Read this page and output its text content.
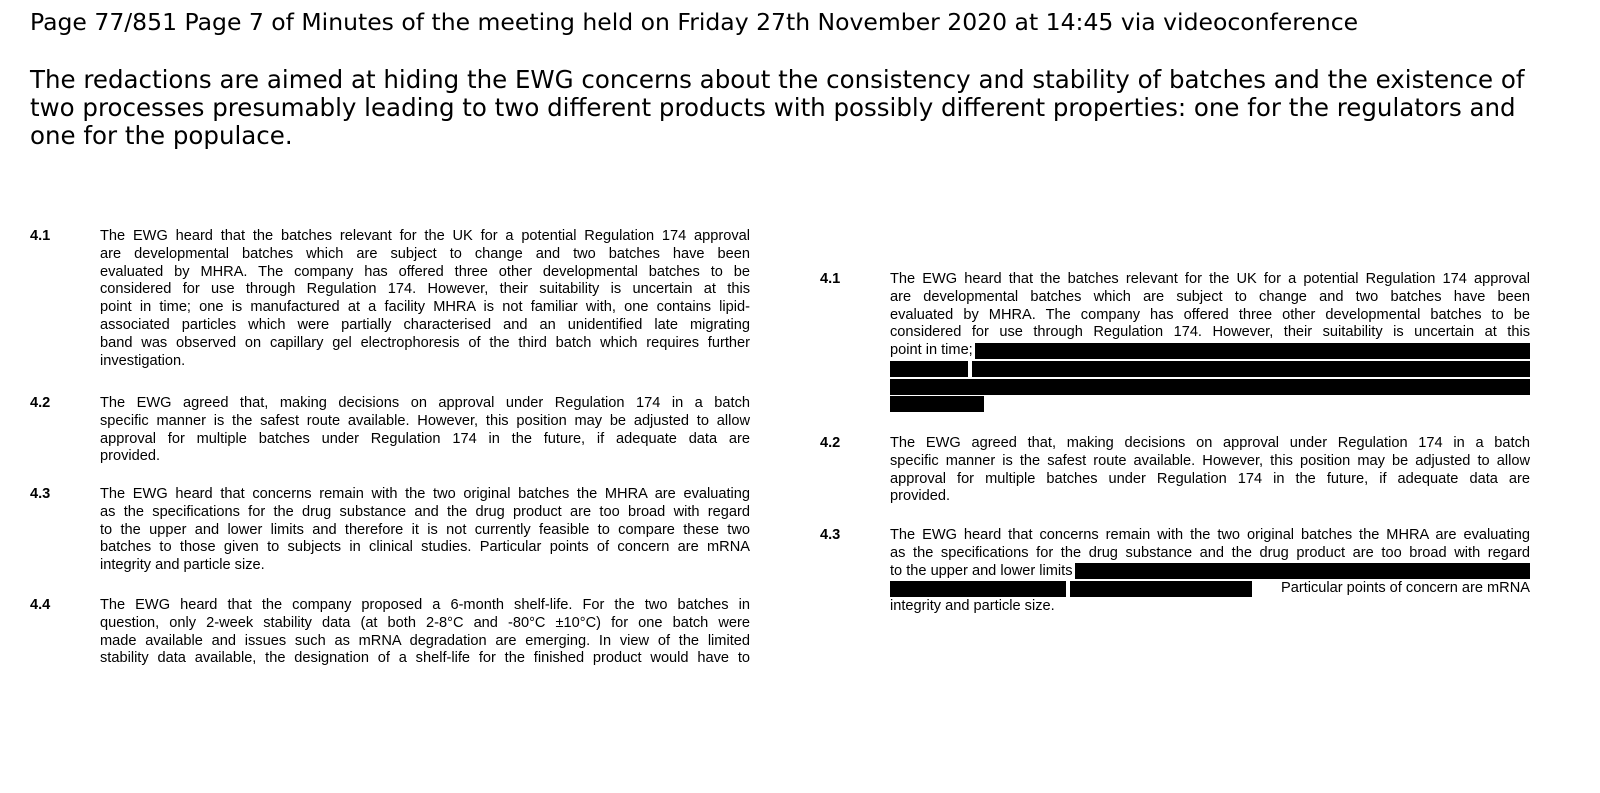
Page 77/851 Page 7 of Minutes of the meeting held on Friday 27th November 2020 at 14:45 via videoconference
The redactions are aimed at hiding the EWG concerns about the consistency and stability of batches and the existence of two processes presumably leading to two different products with possibly different properties: one for the regulators and one for the populace.
4.1	The EWG heard that the batches relevant for the UK for a potential Regulation 174 approval
are developmental batches which are subject to change and two batches have been
evaluated by MHRA. The company has offered three other developmental batches to be
considered for use through Regulation 174. However, their suitability is uncertain at this
point in time; one is manufactured at a facility MHRA is not familiar with, one contains lipid-
associated particles which were partially characterised and an unidentified late migrating
band was observed on capillary gel electrophoresis of the third batch which requires further
investigation.
4.2	The EWG agreed that, making decisions on approval under Regulation 174 in a batch
specific manner is the safest route available. However, this position may be adjusted to allow
approval for multiple batches under Regulation 174 in the future, if adequate data are
provided.
4.3	The EWG heard that concerns remain with the two original batches the MHRA are evaluating
as the specifications for the drug substance and the drug product are too broad with regard
to the upper and lower limits and therefore it is not currently feasible to compare these two
batches to those given to subjects in clinical studies. Particular points of concern are mRNA
integrity and particle size.
4.4	The EWG heard that the company proposed a 6-month shelf-life. For the two batches in
question, only 2-week stability data (at both 2-8°C and -80°C ±10°C) for one batch were
made available and issues such as mRNA degradation are emerging. In view of the limited
stability data available, the designation of a shelf-life for the finished product would have to
4.1	The EWG heard that the batches relevant for the UK for a potential Regulation 174 approval
are developmental batches which are subject to change and two batches have been
evaluated by MHRA. The company has offered three other developmental batches to be
considered for use through Regulation 174. However, their suitability is uncertain at this
point in time;
4.2	The EWG agreed that, making decisions on approval under Regulation 174 in a batch
specific manner is the safest route available. However, this position may be adjusted to allow
approval for multiple batches under Regulation 174 in the future, if adequate data are
provided.
4.3	The EWG heard that concerns remain with the two original batches the MHRA are evaluating
as the specifications for the drug substance and the drug product are too broad with regard
to the upper and lower limits
Particular points of concern are mRNA
integrity and particle size.
